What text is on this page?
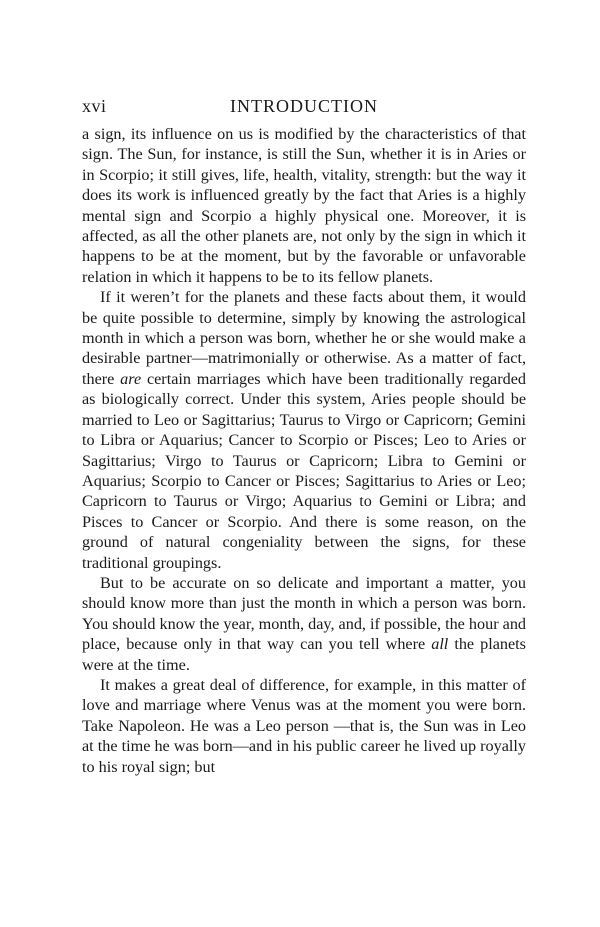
xvi	INTRODUCTION

a sign, its influence on us is modified by the characteristics of that sign. The Sun, for instance, is still the Sun, whether it is in Aries or in Scorpio; it still gives, life, health, vitality, strength: but the way it does its work is influenced greatly by the fact that Aries is a highly mental sign and Scorpio a highly physical one. Moreover, it is affected, as all the other planets are, not only by the sign in which it happens to be at the moment, but by the favorable or unfavorable relation in which it happens to be to its fellow planets.

If it weren’t for the planets and these facts about them, it would be quite possible to determine, simply by knowing the astrological month in which a person was born, whether he or she would make a desirable partner—matrimonially or otherwise. As a matter of fact, there are certain marriages which have been traditionally regarded as biologically correct. Under this system, Aries people should be married to Leo or Sagittarius; Taurus to Virgo or Capricorn; Gemini to Libra or Aquarius; Cancer to Scorpio or Pisces; Leo to Aries or Sagittarius; Virgo to Taurus or Capricorn; Libra to Gemini or Aquarius; Scorpio to Cancer or Pisces; Sagittarius to Aries or Leo; Capricorn to Taurus or Virgo; Aquarius to Gemini or Libra; and Pisces to Cancer or Scorpio. And there is some reason, on the ground of natural congeniality between the signs, for these traditional groupings.

But to be accurate on so delicate and important a matter, you should know more than just the month in which a person was born. You should know the year, month, day, and, if possible, the hour and place, because only in that way can you tell where all the planets were at the time.

It makes a great deal of difference, for example, in this matter of love and marriage where Venus was at the moment you were born. Take Napoleon. He was a Leo person —that is, the Sun was in Leo at the time he was born—and in his public career he lived up royally to his royal sign; but
